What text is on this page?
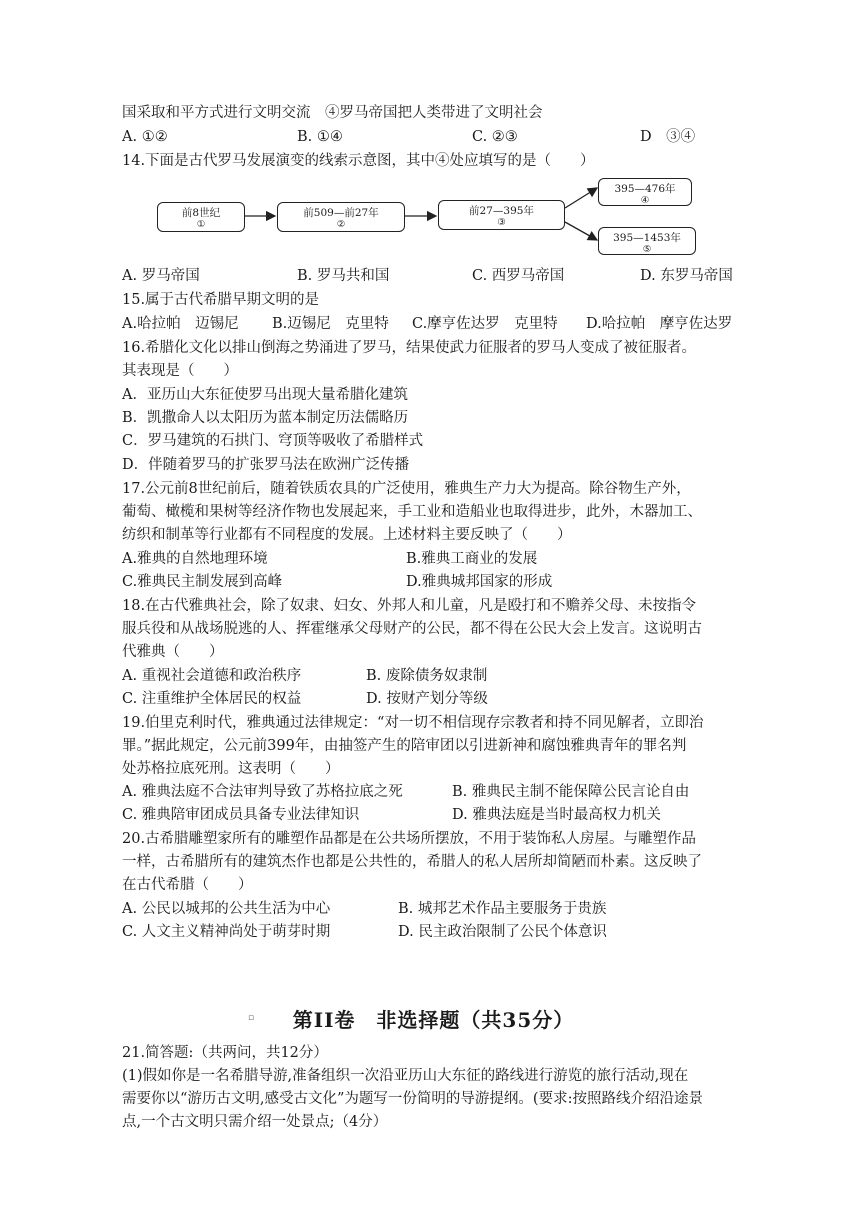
国采取和平方式进行文明交流　④罗马帝国把人类带进了文明社会
A. ①②	B. ①④	C. ②③	D　③④
14.下面是古代罗马发展演变的线索示意图，其中④处应填写的是（　　）
前8世纪
①
前509—前27年
②
前27—395年
③
395—476年
④
395—1453年
⑤
A. 罗马帝国	B. 罗马共和国	C. 西罗马帝国	D. 东罗马帝国
15.属于古代希腊早期文明的是
A.哈拉帕　迈锡尼 B.迈锡尼　克里特 C.摩亨佐达罗　克里特 D.哈拉帕　摩亨佐达罗
16.希腊化文化以排山倒海之势涌进了罗马，结果使武力征服者的罗马人变成了被征服者。
其表现是（　　）
A．亚历山大东征使罗马出现大量希腊化建筑
B．凯撒命人以太阳历为蓝本制定历法儒略历
C．罗马建筑的石拱门、穹顶等吸收了希腊样式
D．伴随着罗马的扩张罗马法在欧洲广泛传播
17.公元前8世纪前后，随着铁质农具的广泛使用，雅典生产力大为提高。除谷物生产外，
葡萄、橄榄和果树等经济作物也发展起来，手工业和造船业也取得进步，此外，木器加工、
纺织和制革等行业都有不同程度的发展。上述材料主要反映了（　　）
A.雅典的自然地理环境	B.雅典工商业的发展
C.雅典民主制发展到高峰	D.雅典城邦国家的形成
18.在古代雅典社会，除了奴隶、妇女、外邦人和儿童，凡是殴打和不赡养父母、未按指令
服兵役和从战场脱逃的人、挥霍继承父母财产的公民，都不得在公民大会上发言。这说明古
代雅典（　　）
A. 重视社会道德和政治秩序	B. 废除债务奴隶制
C. 注重维护全体居民的权益	D. 按财产划分等级
19.伯里克利时代，雅典通过法律规定：“对一切不相信现存宗教者和持不同见解者，立即治
罪。”据此规定，公元前399年，由抽签产生的陪审团以引进新神和腐蚀雅典青年的罪名判
处苏格拉底死刑。这表明（　　）
A. 雅典法庭不合法审判导致了苏格拉底之死	B. 雅典民主制不能保障公民言论自由
C. 雅典陪审团成员具备专业法律知识	D. 雅典法庭是当时最高权力机关
20.古希腊雕塑家所有的雕塑作品都是在公共场所摆放，不用于装饰私人房屋。与雕塑作品
一样，古希腊所有的建筑杰作也都是公共性的，希腊人的私人居所却简陋而朴素。这反映了
在古代希腊（　　）
A. 公民以城邦的公共生活为中心	B. 城邦艺术作品主要服务于贵族
C. 人文主义精神尚处于萌芽时期	D. 民主政治限制了公民个体意识
▫	第II卷　非选择题（共35分）
21.简答题:（共两问，共12分）
(1)假如你是一名希腊导游,准备组织一次沿亚历山大东征的路线进行游览的旅行活动,现在
需要你以“游历古文明,感受古文化”为题写一份简明的导游提纲。(要求:按照路线介绍沿途景
点,一个古文明只需介绍一处景点;（4分）
